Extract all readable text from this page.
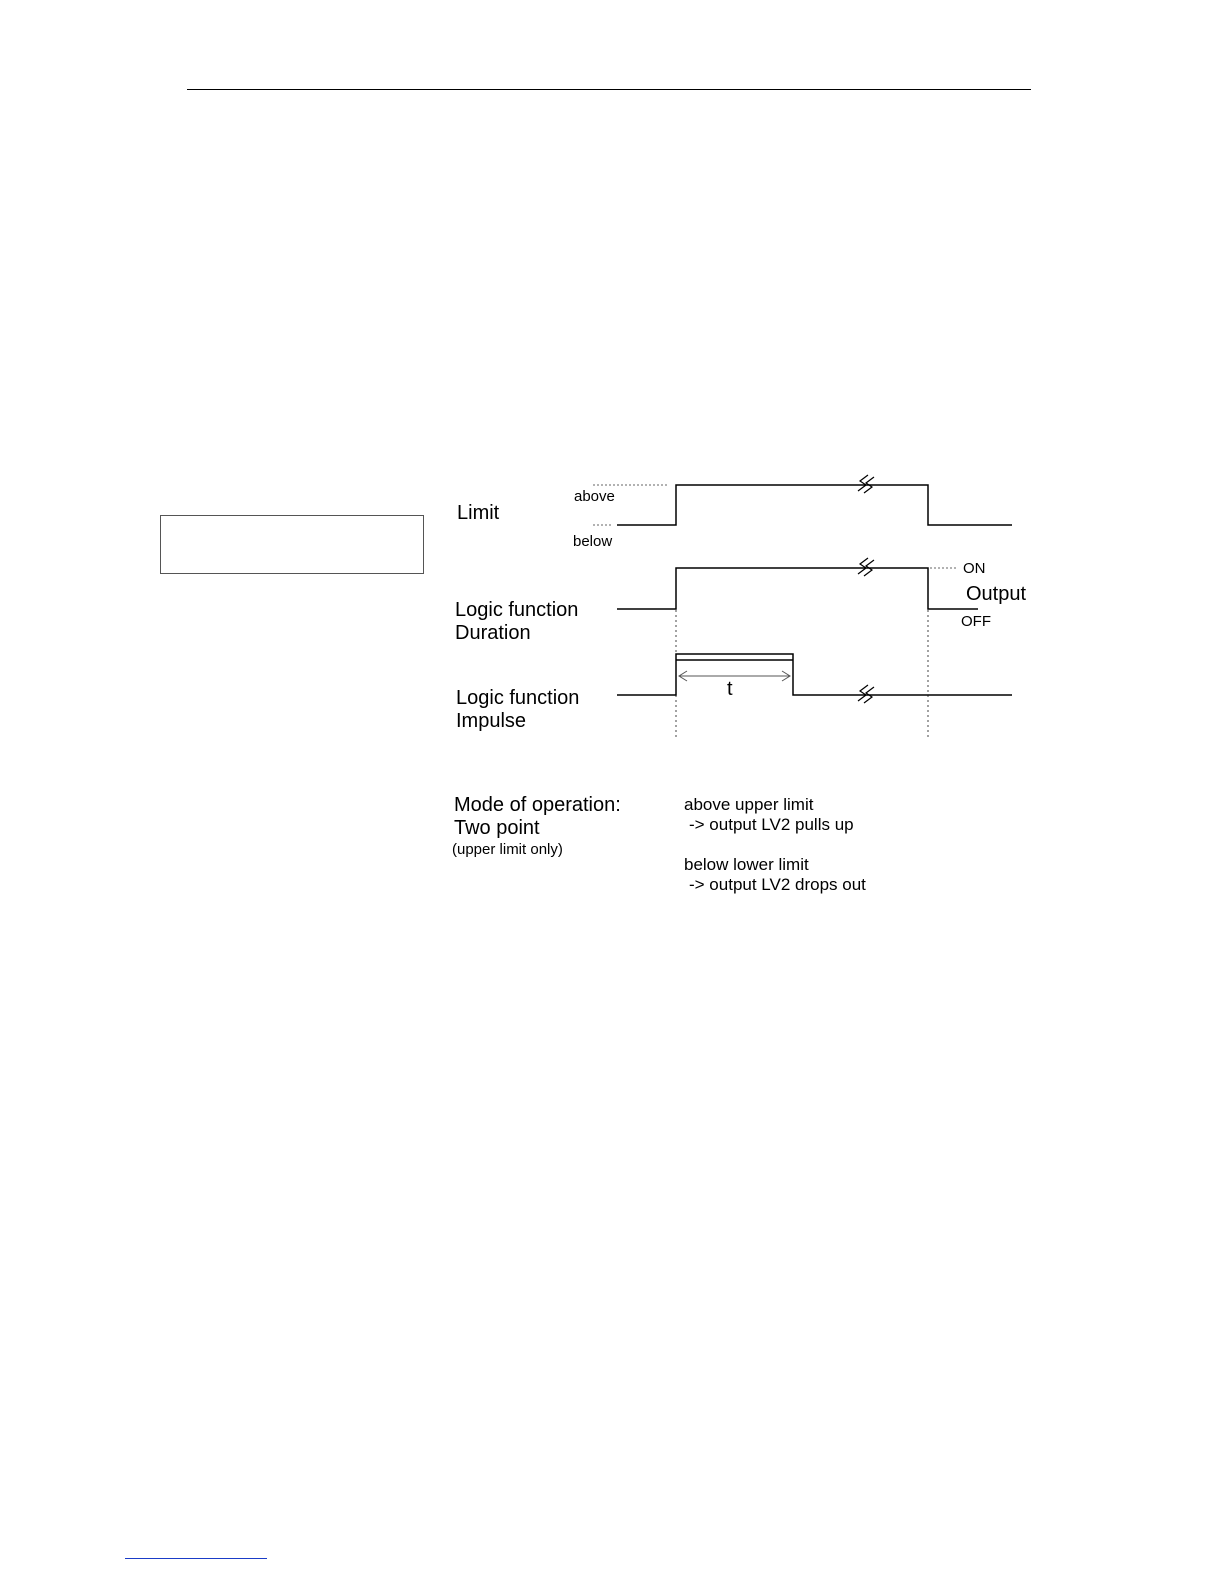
Limit
above
below
Logic function
Duration
Logic function
Impulse
t
ON
Output
OFF
Mode of operation:
Two point
(upper limit only)
above upper limit
-> output LV2 pulls up
below lower limit
-> output LV2 drops out
